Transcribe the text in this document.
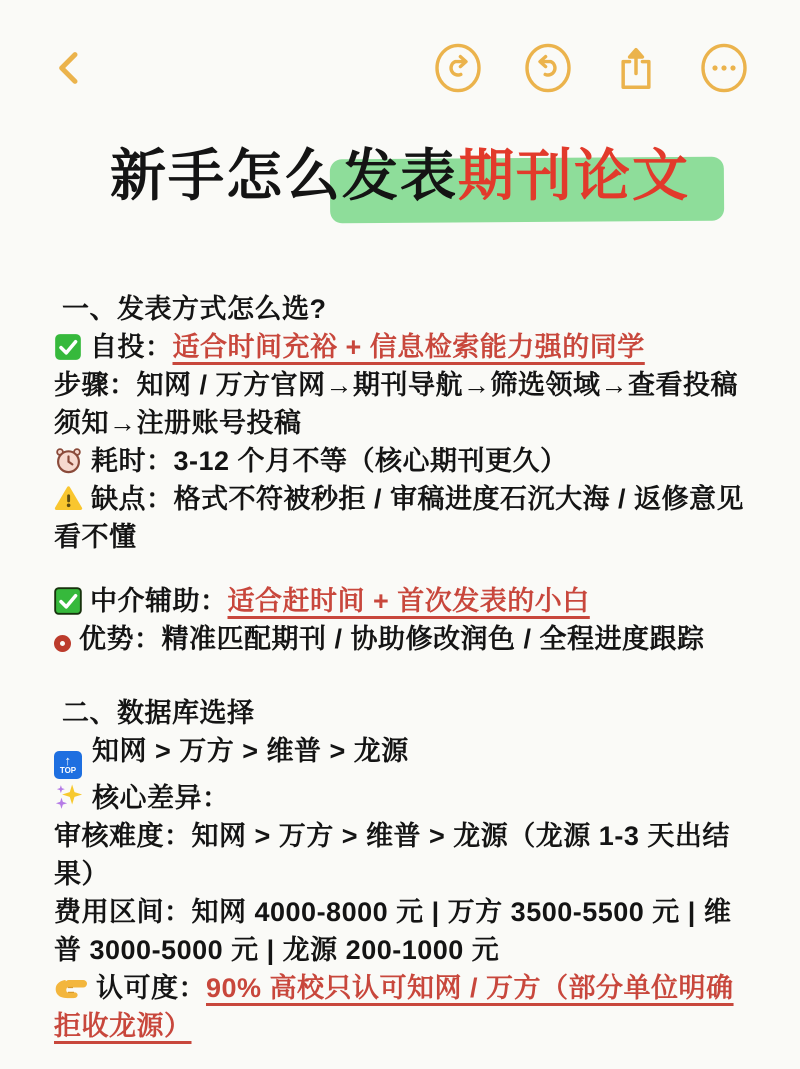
新手怎么发表期刊论文

一、发表方式怎么选?

自投：适合时间充裕 + 信息检索能力强的同学

步骤：知网 / 万方官网→期刊导航→筛选领域→查看投稿须知→注册账号投稿

耗时：3-12 个月不等（核心期刊更久）

缺点：格式不符被秒拒 / 审稿进度石沉大海 / 返修意见看不懂

中介辅助：适合赶时间 + 首次发表的小白

优势：精准匹配期刊 / 协助修改润色 / 全程进度跟踪

二、数据库选择

↑
TOP
知网 > 万方 > 维普 > 龙源

核心差异：

审核难度：知网 > 万方 > 维普 > 龙源（龙源 1-3 天出结果）

费用区间：知网 4000-8000 元 | 万方 3500-5500 元 | 维普 3000-5000 元 | 龙源 200-1000 元

认可度：90% 高校只认可知网 / 万方（部分单位明确拒收龙源）
